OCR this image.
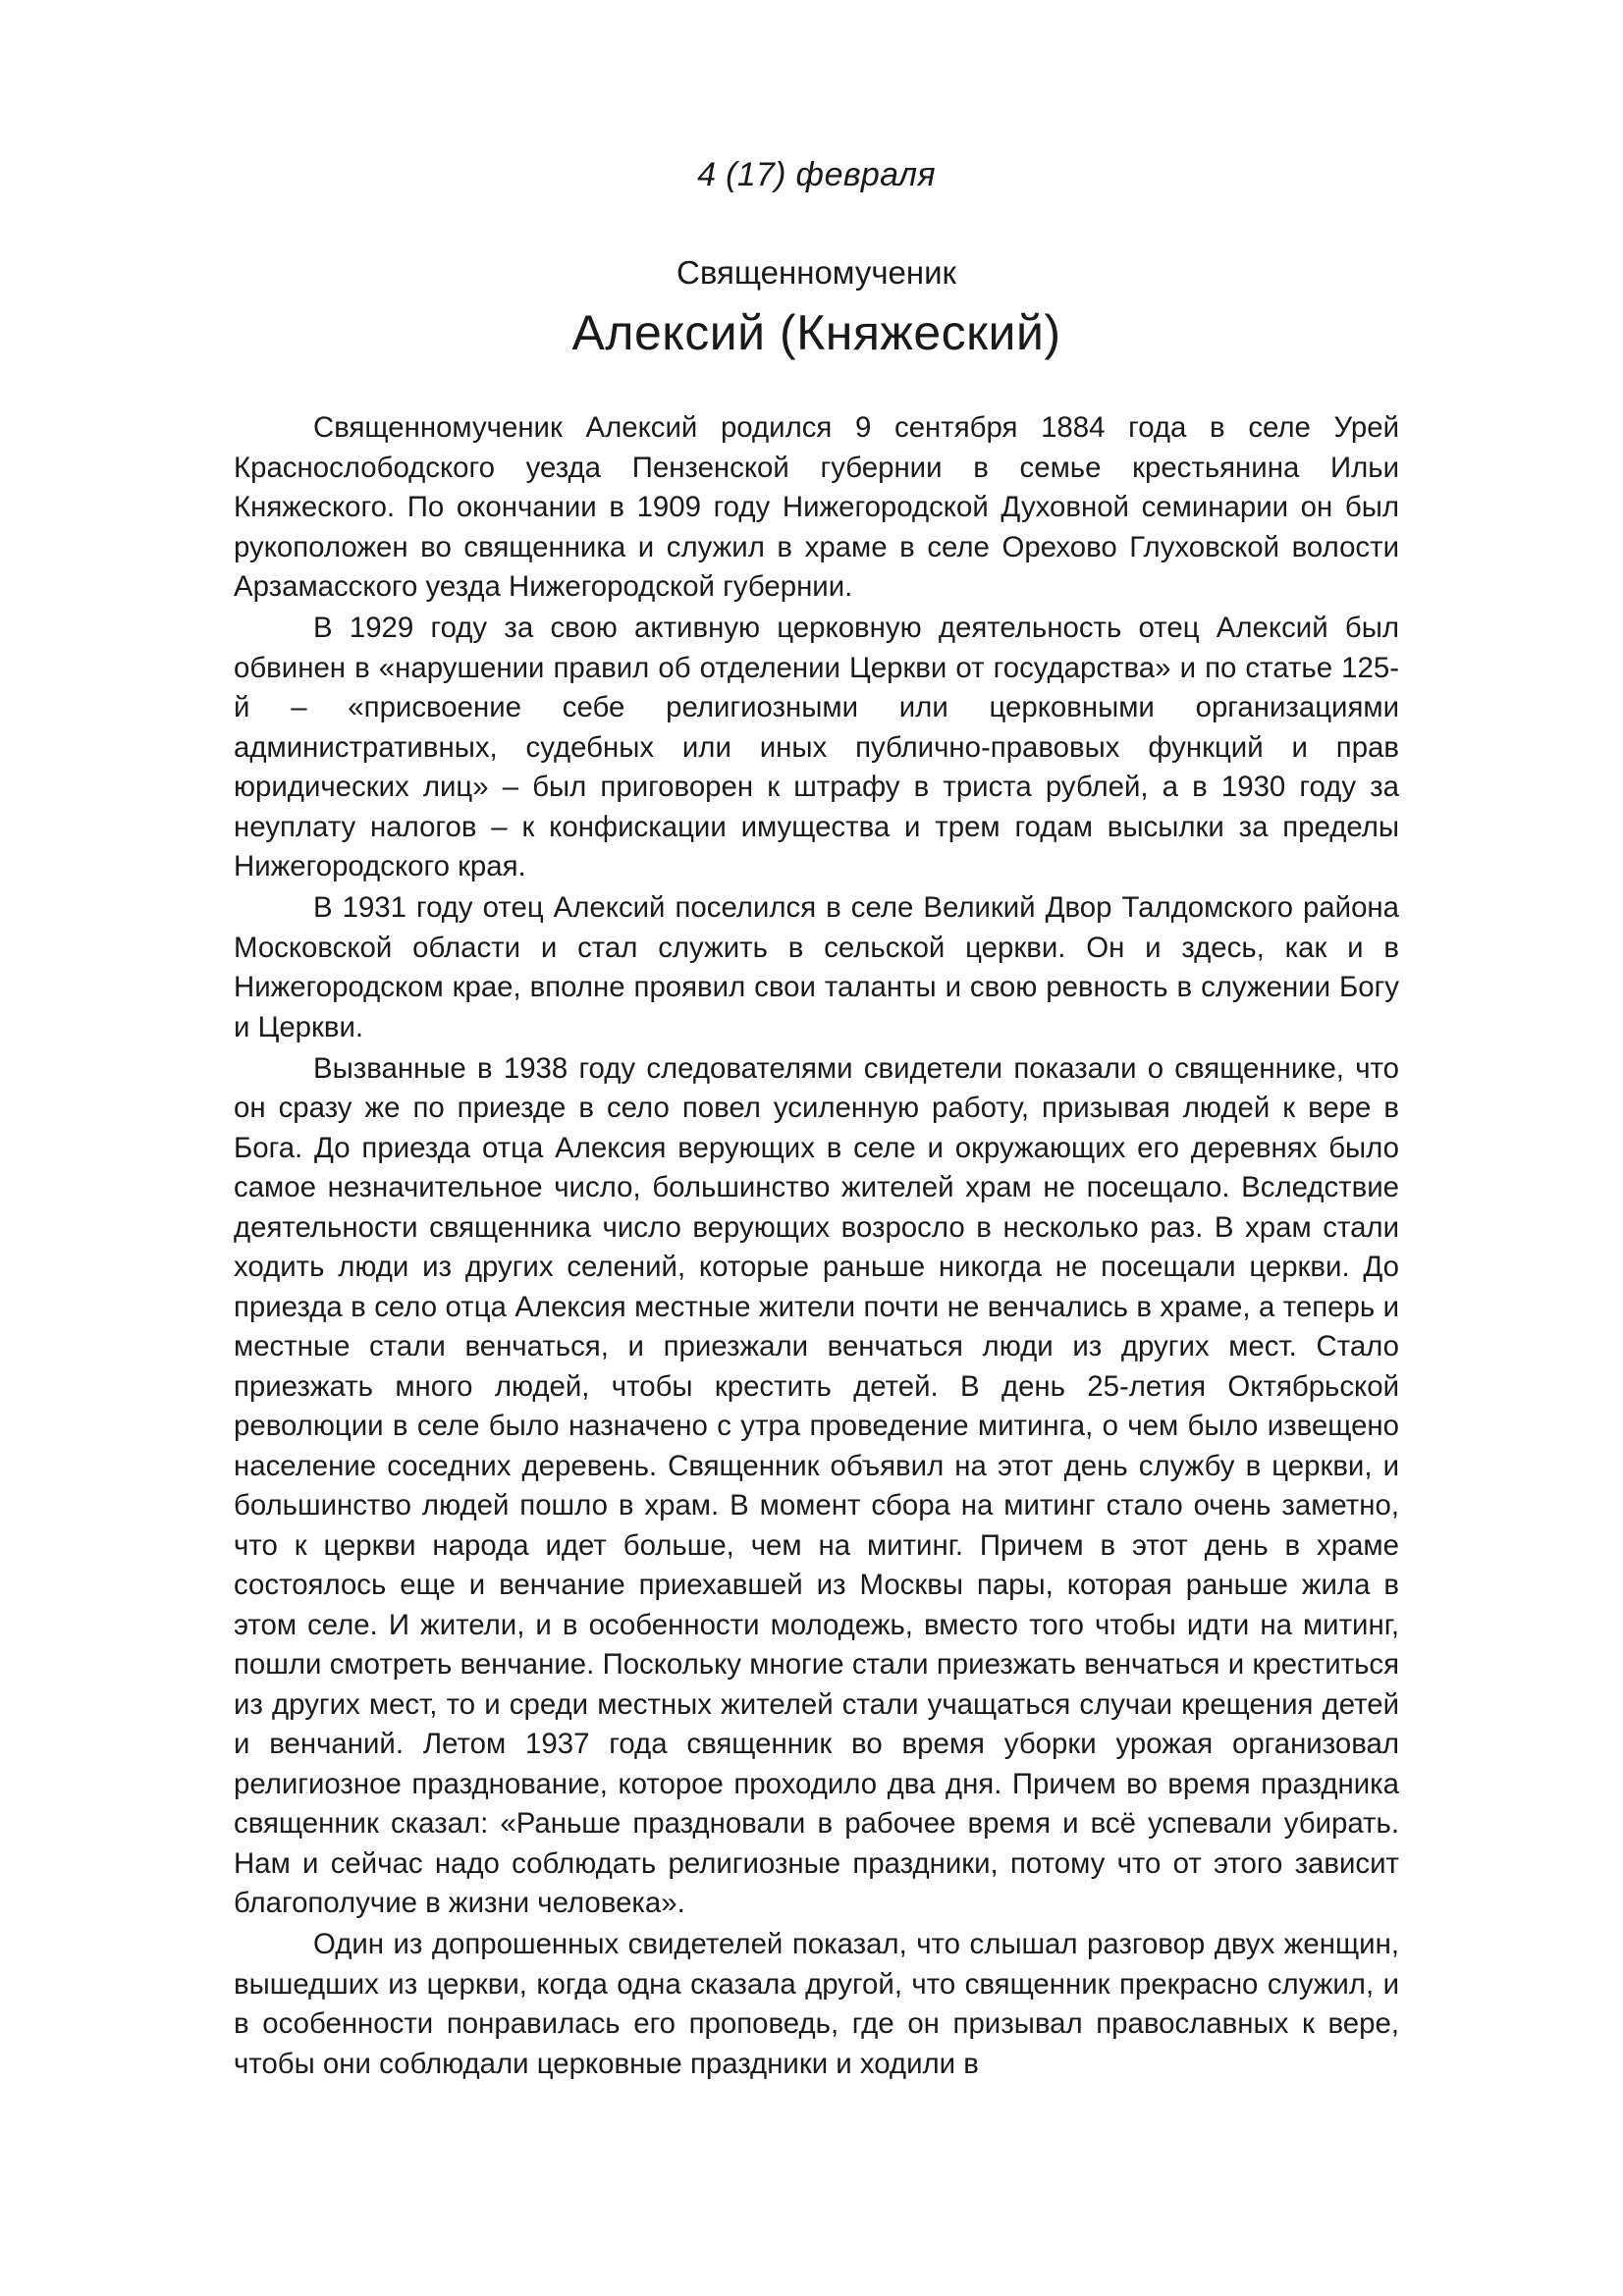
4 (17) февраля
Священномученик
Алексий (Княжеский)

Священномученик Алексий родился 9 сентября 1884 года в селе Урей Краснослободского уезда Пензенской губернии в семье крестьянина Ильи Княжеского. По окончании в 1909 году Нижегородской Духовной семинарии он был рукоположен во священника и служил в храме в селе Орехово Глуховской волости Арзамасского уезда Нижегородской губернии.

В 1929 году за свою активную церковную деятельность отец Алексий был обвинен в «нарушении правил об отделении Церкви от государства» и по статье 125-й – «присвоение себе религиозными или церковными организациями административных, судебных или иных публично-правовых функций и прав юридических лиц» – был приговорен к штрафу в триста рублей, а в 1930 году за неуплату налогов – к конфискации имущества и трем годам высылки за пределы Нижегородского края.

В 1931 году отец Алексий поселился в селе Великий Двор Талдомского района Московской области и стал служить в сельской церкви. Он и здесь, как и в Нижегородском крае, вполне проявил свои таланты и свою ревность в служении Богу и Церкви.

Вызванные в 1938 году следователями свидетели показали о священнике, что он сразу же по приезде в село повел усиленную работу, призывая людей к вере в Бога. До приезда отца Алексия верующих в селе и окружающих его деревнях было самое незначительное число, большинство жителей храм не посещало. Вследствие деятельности священника число верующих возросло в несколько раз. В храм стали ходить люди из других селений, которые раньше никогда не посещали церкви. До приезда в село отца Алексия местные жители почти не венчались в храме, а теперь и местные стали венчаться, и приезжали венчаться люди из других мест. Стало приезжать много людей, чтобы крестить детей. В день 25-летия Октябрьской революции в селе было назначено с утра проведение митинга, о чем было извещено население соседних деревень. Священник объявил на этот день службу в церкви, и большинство людей пошло в храм. В момент сбора на митинг стало очень заметно, что к церкви народа идет больше, чем на митинг. Причем в этот день в храме состоялось еще и венчание приехавшей из Москвы пары, которая раньше жила в этом селе. И жители, и в особенности молодежь, вместо того чтобы идти на митинг, пошли смотреть венчание. Поскольку многие стали приезжать венчаться и креститься из других мест, то и среди местных жителей стали учащаться случаи крещения детей и венчаний. Летом 1937 года священник во время уборки урожая организовал религиозное празднование, которое проходило два дня. Причем во время праздника священник сказал: «Раньше праздновали в рабочее время и всё успевали убирать. Нам и сейчас надо соблюдать религиозные праздники, потому что от этого зависит благополучие в жизни человека».

Один из допрошенных свидетелей показал, что слышал разговор двух женщин, вышедших из церкви, когда одна сказала другой, что священник прекрасно служил, и в особенности понравилась его проповедь, где он призывал православных к вере, чтобы они соблюдали церковные праздники и ходили в
